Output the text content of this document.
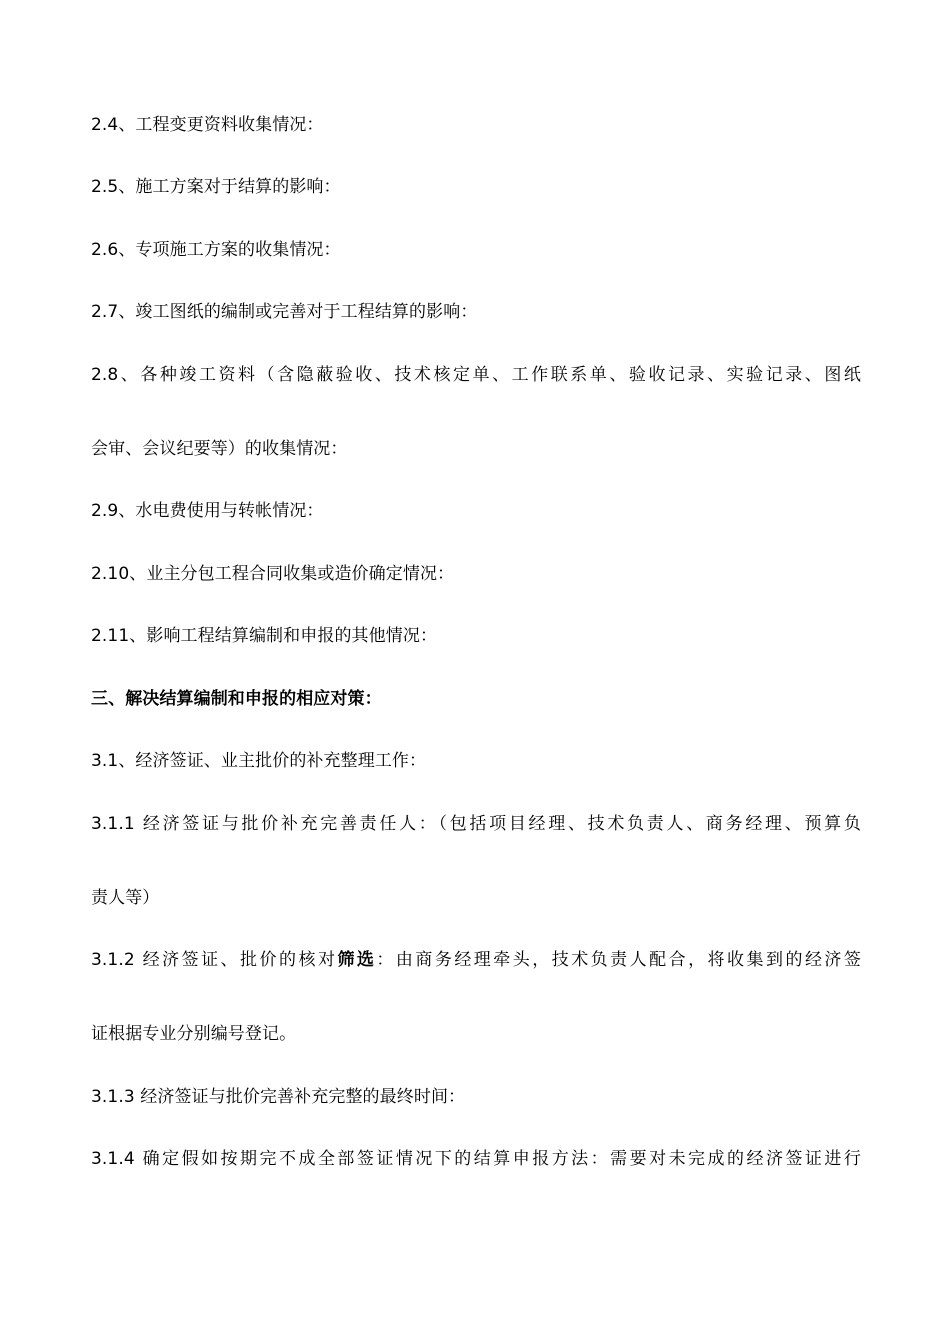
2.4、工程变更资料收集情况：
2.5、施工方案对于结算的影响：
2.6、专项施工方案的收集情况：
2.7、竣工图纸的编制或完善对于工程结算的影响：
2.8、各种竣工资料（含隐蔽验收、技术核定单、工作联系单、验收记录、实验记录、图纸
会审、会议纪要等）的收集情况：
2.9、水电费使用与转帐情况：
2.10、业主分包工程合同收集或造价确定情况：
2.11、影响工程结算编制和申报的其他情况：
三、解决结算编制和申报的相应对策：
3.1、经济签证、业主批价的补充整理工作：
3.1.1 经济签证与批价补充完善责任人：（包括项目经理、技术负责人、商务经理、预算负
责人等）
3.1.2 经济签证、批价的核对筛选：由商务经理牵头，技术负责人配合，将收集到的经济签
证根据专业分别编号登记。
3.1.3 经济签证与批价完善补充完整的最终时间：
3.1.4 确定假如按期完不成全部签证情况下的结算申报方法：需要对未完成的经济签证进行
